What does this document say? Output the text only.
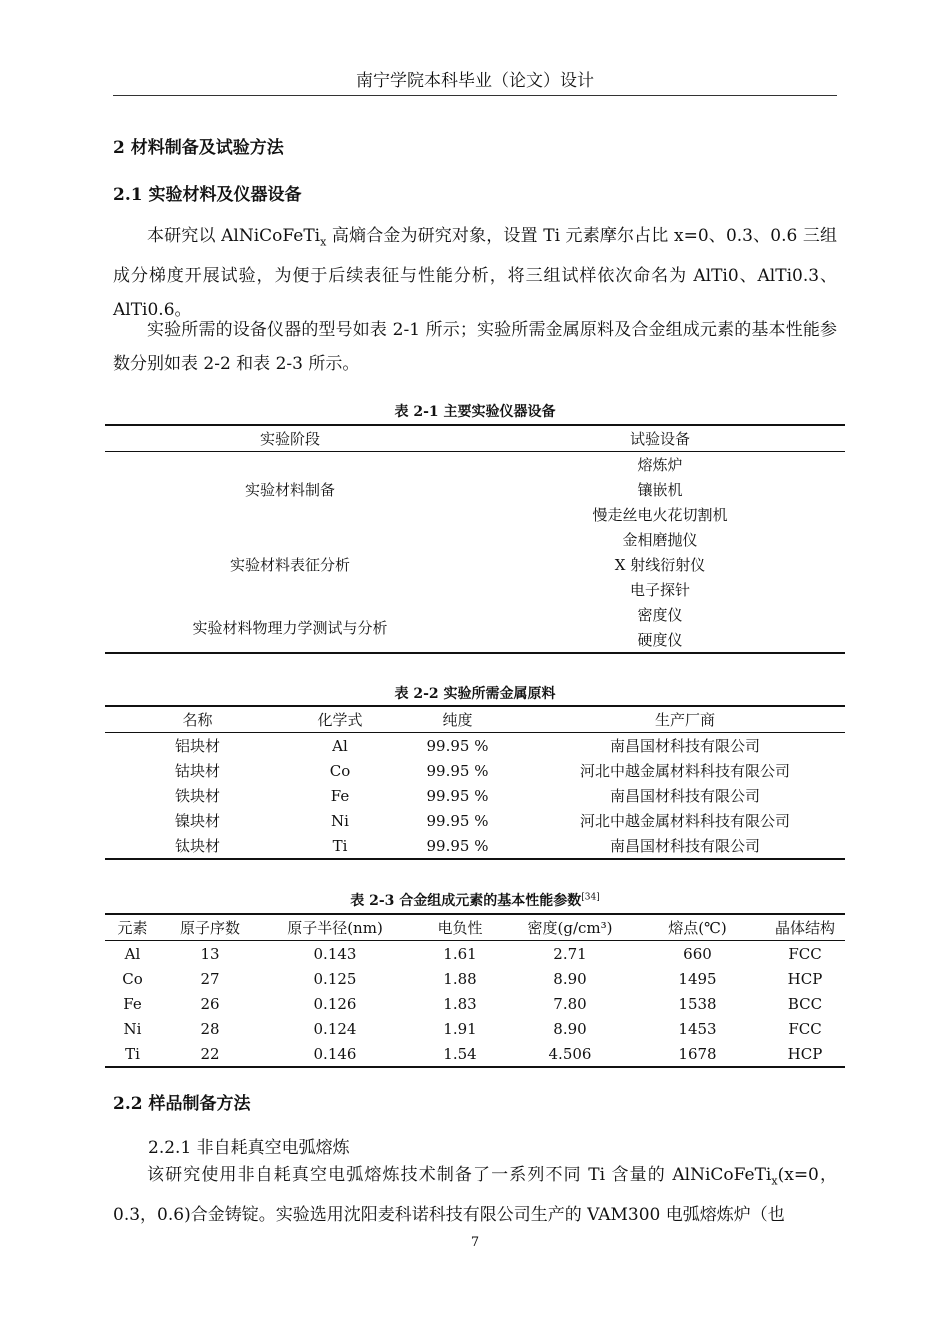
南宁学院本科毕业（论文）设计
2 材料制备及试验方法
2.1 实验材料及仪器设备
本研究以 AlNiCoFeTi$_x$ 高熵合金为研究对象，设置 Ti 元素摩尔占比 x=0、0.3、0.6 三组成分梯度开展试验，为便于后续表征与性能分析，将三组试样依次命名为 AlTi0、AlTi0.3、AlTi0.6。
实验所需的设备仪器的型号如表 2-1 所示；实验所需金属原料及合金组成元素的基本性能参数分别如表 2-2 和表 2-3 所示。
表 2-1 主要实验仪器设备
实验阶段	试验设备
实验材料制备	熔炼炉
	镶嵌机
	慢走丝电火花切割机
实验材料表征分析	金相磨抛仪
	X 射线衍射仪
	电子探针
实验材料物理力学测试与分析	密度仪
	硬度仪
表 2-2 实验所需金属原料
名称	化学式	纯度	生产厂商
铝块材	Al	99.95 %	南昌国材科技有限公司
钴块材	Co	99.95 %	河北中越金属材料科技有限公司
铁块材	Fe	99.95 %	南昌国材科技有限公司
镍块材	Ni	99.95 %	河北中越金属材料科技有限公司
钛块材	Ti	99.95 %	南昌国材科技有限公司
表 2-3 合金组成元素的基本性能参数[34]
元素	原子序数	原子半径(nm)	电负性	密度(g/cm³)	熔点(℃)	晶体结构
Al	13	0.143	1.61	2.71	660	FCC
Co	27	0.125	1.88	8.90	1495	HCP
Fe	26	0.126	1.83	7.80	1538	BCC
Ni	28	0.124	1.91	8.90	1453	FCC
Ti	22	0.146	1.54	4.506	1678	HCP
2.2 样品制备方法
2.2.1 非自耗真空电弧熔炼
该研究使用非自耗真空电弧熔炼技术制备了一系列不同 Ti 含量的 AlNiCoFeTi$_x$(x=0，0.3，0.6)合金铸锭。实验选用沈阳麦科诺科技有限公司生产的 VAM300 电弧熔炼炉（也
7
